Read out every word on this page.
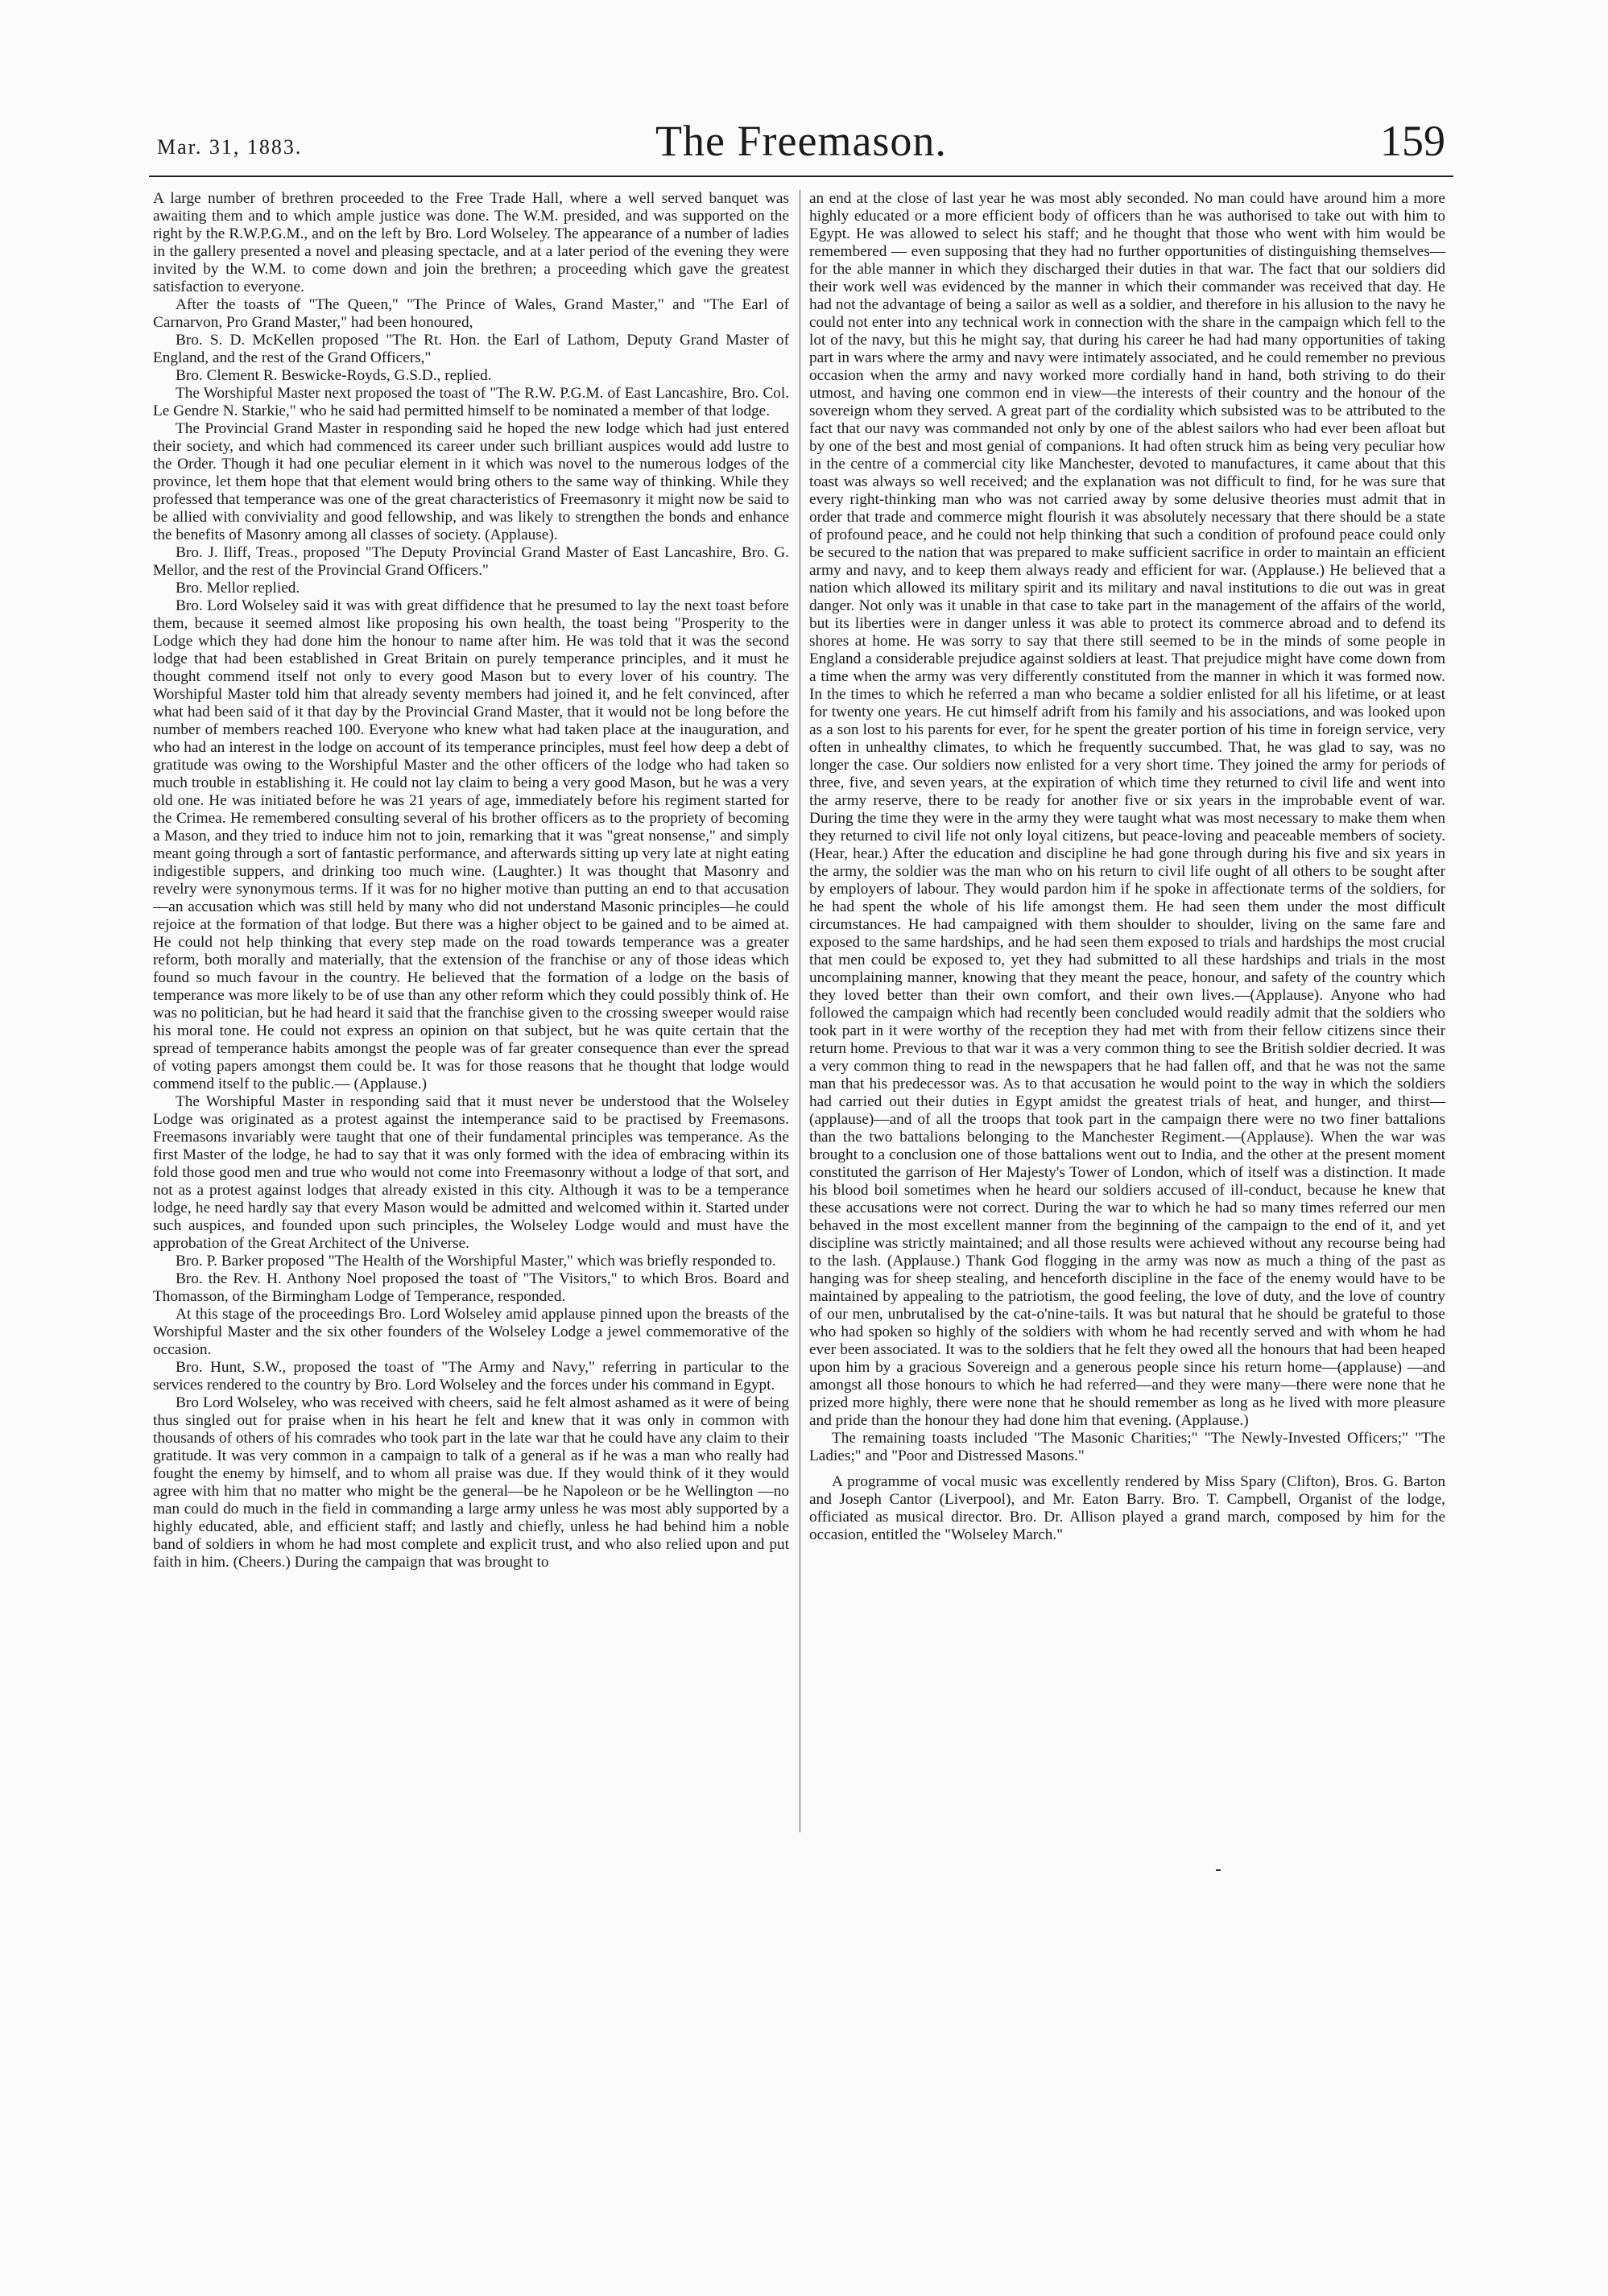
Mar. 31, 1883.	The Freemason.	159

A large number of brethren proceeded to the Free Trade Hall, where a well served banquet was awaiting them and to which ample justice was done. The W.M. presided, and was supported on the right by the R.W.P.G.M., and on the left by Bro. Lord Wolseley. The appearance of a number of ladies in the gallery presented a novel and pleasing spectacle, and at a later period of the evening they were invited by the W.M. to come down and join the brethren; a proceeding which gave the greatest satisfaction to everyone.

After the toasts of "The Queen," "The Prince of Wales, Grand Master," and "The Earl of Carnarvon, Pro Grand Master," had been honoured,

Bro. S. D. McKellen proposed "The Rt. Hon. the Earl of Lathom, Deputy Grand Master of England, and the rest of the Grand Officers,"

Bro. Clement R. Beswicke-Royds, G.S.D., replied.

The Worshipful Master next proposed the toast of "The R.W. P.G.M. of East Lancashire, Bro. Col. Le Gendre N. Starkie," who he said had permitted himself to be nominated a member of that lodge.

The Provincial Grand Master in responding said he hoped the new lodge which had just entered their society, and which had commenced its career under such brilliant auspices would add lustre to the Order. Though it had one peculiar element in it which was novel to the numerous lodges of the province, let them hope that that element would bring others to the same way of thinking. While they professed that temperance was one of the great characteristics of Freemasonry it might now be said to be allied with conviviality and good fellowship, and was likely to strengthen the bonds and enhance the benefits of Masonry among all classes of society. (Applause).

Bro. J. Iliff, Treas., proposed "The Deputy Provincial Grand Master of East Lancashire, Bro. G. Mellor, and the rest of the Provincial Grand Officers."

Bro. Mellor replied.

Bro. Lord Wolseley said it was with great diffidence that he presumed to lay the next toast before them, because it seemed almost like proposing his own health, the toast being "Prosperity to the Lodge which they had done him the honour to name after him. He was told that it was the second lodge that had been established in Great Britain on purely temperance principles, and it must he thought commend itself not only to every good Mason but to every lover of his country. The Worshipful Master told him that already seventy members had joined it, and he felt convinced, after what had been said of it that day by the Provincial Grand Master, that it would not be long before the number of members reached 100. Everyone who knew what had taken place at the inauguration, and who had an interest in the lodge on account of its temperance principles, must feel how deep a debt of gratitude was owing to the Worshipful Master and the other officers of the lodge who had taken so much trouble in establishing it. He could not lay claim to being a very good Mason, but he was a very old one. He was initiated before he was 21 years of age, immediately before his regiment started for the Crimea. He remembered consulting several of his brother officers as to the propriety of becoming a Mason, and they tried to induce him not to join, remarking that it was "great nonsense," and simply meant going through a sort of fantastic performance, and afterwards sitting up very late at night eating indigestible suppers, and drinking too much wine. (Laughter.) It was thought that Masonry and revelry were synonymous terms. If it was for no higher motive than putting an end to that accusation —an accusation which was still held by many who did not understand Masonic principles—he could rejoice at the formation of that lodge. But there was a higher object to be gained and to be aimed at. He could not help thinking that every step made on the road towards temperance was a greater reform, both morally and materially, that the extension of the franchise or any of those ideas which found so much favour in the country. He believed that the formation of a lodge on the basis of temperance was more likely to be of use than any other reform which they could possibly think of. He was no politician, but he had heard it said that the franchise given to the crossing sweeper would raise his moral tone. He could not express an opinion on that subject, but he was quite certain that the spread of temperance habits amongst the people was of far greater consequence than ever the spread of voting papers amongst them could be. It was for those reasons that he thought that lodge would commend itself to the public.— (Applause.)

The Worshipful Master in responding said that it must never be understood that the Wolseley Lodge was originated as a protest against the intemperance said to be practised by Freemasons. Freemasons invariably were taught that one of their fundamental principles was temperance. As the first Master of the lodge, he had to say that it was only formed with the idea of embracing within its fold those good men and true who would not come into Freemasonry without a lodge of that sort, and not as a protest against lodges that already existed in this city. Although it was to be a temperance lodge, he need hardly say that every Mason would be admitted and welcomed within it. Started under such auspices, and founded upon such principles, the Wolseley Lodge would and must have the approbation of the Great Architect of the Universe.

Bro. P. Barker proposed "The Health of the Worshipful Master," which was briefly responded to.

Bro. the Rev. H. Anthony Noel proposed the toast of "The Visitors," to which Bros. Board and Thomasson, of the Birmingham Lodge of Temperance, responded.

At this stage of the proceedings Bro. Lord Wolseley amid applause pinned upon the breasts of the Worshipful Master and the six other founders of the Wolseley Lodge a jewel commemorative of the occasion.

Bro. Hunt, S.W., proposed the toast of "The Army and Navy," referring in particular to the services rendered to the country by Bro. Lord Wolseley and the forces under his command in Egypt.

Bro Lord Wolseley, who was received with cheers, said he felt almost ashamed as it were of being thus singled out for praise when in his heart he felt and knew that it was only in common with thousands of others of his comrades who took part in the late war that he could have any claim to their gratitude. It was very common in a campaign to talk of a general as if he was a man who really had fought the enemy by himself, and to whom all praise was due. If they would think of it they would agree with him that no matter who might be the general—be he Napoleon or be he Wellington —no man could do much in the field in commanding a large army unless he was most ably supported by a highly educated, able, and efficient staff; and lastly and chiefly, unless he had behind him a noble band of soldiers in whom he had most complete and explicit trust, and who also relied upon and put faith in him. (Cheers.) During the campaign that was brought to

an end at the close of last year he was most ably seconded. No man could have around him a more highly educated or a more efficient body of officers than he was authorised to take out with him to Egypt. He was allowed to select his staff; and he thought that those who went with him would be remembered — even supposing that they had no further opportunities of distinguishing themselves—for the able manner in which they discharged their duties in that war. The fact that our soldiers did their work well was evidenced by the manner in which their commander was received that day. He had not the advantage of being a sailor as well as a soldier, and therefore in his allusion to the navy he could not enter into any technical work in connection with the share in the campaign which fell to the lot of the navy, but this he might say, that during his career he had had many opportunities of taking part in wars where the army and navy were intimately associated, and he could remember no previous occasion when the army and navy worked more cordially hand in hand, both striving to do their utmost, and having one common end in view—the interests of their country and the honour of the sovereign whom they served. A great part of the cordiality which subsisted was to be attributed to the fact that our navy was commanded not only by one of the ablest sailors who had ever been afloat but by one of the best and most genial of companions. It had often struck him as being very peculiar how in the centre of a commercial city like Manchester, devoted to manufactures, it came about that this toast was always so well received; and the explanation was not difficult to find, for he was sure that every right-thinking man who was not carried away by some delusive theories must admit that in order that trade and commerce might flourish it was absolutely necessary that there should be a state of profound peace, and he could not help thinking that such a condition of profound peace could only be secured to the nation that was prepared to make sufficient sacrifice in order to maintain an efficient army and navy, and to keep them always ready and efficient for war. (Applause.) He believed that a nation which allowed its military spirit and its military and naval institutions to die out was in great danger. Not only was it unable in that case to take part in the management of the affairs of the world, but its liberties were in danger unless it was able to protect its commerce abroad and to defend its shores at home. He was sorry to say that there still seemed to be in the minds of some people in England a considerable prejudice against soldiers at least. That prejudice might have come down from a time when the army was very differently constituted from the manner in which it was formed now. In the times to which he referred a man who became a soldier enlisted for all his lifetime, or at least for twenty one years. He cut himself adrift from his family and his associations, and was looked upon as a son lost to his parents for ever, for he spent the greater portion of his time in foreign service, very often in unhealthy climates, to which he frequently succumbed. That, he was glad to say, was no longer the case. Our soldiers now enlisted for a very short time. They joined the army for periods of three, five, and seven years, at the expiration of which time they returned to civil life and went into the army reserve, there to be ready for another five or six years in the improbable event of war. During the time they were in the army they were taught what was most necessary to make them when they returned to civil life not only loyal citizens, but peace-loving and peaceable members of society. (Hear, hear.) After the education and discipline he had gone through during his five and six years in the army, the soldier was the man who on his return to civil life ought of all others to be sought after by employers of labour. They would pardon him if he spoke in affectionate terms of the soldiers, for he had spent the whole of his life amongst them. He had seen them under the most difficult circumstances. He had campaigned with them shoulder to shoulder, living on the same fare and exposed to the same hardships, and he had seen them exposed to trials and hardships the most crucial that men could be exposed to, yet they had submitted to all these hardships and trials in the most uncomplaining manner, knowing that they meant the peace, honour, and safety of the country which they loved better than their own comfort, and their own lives.—(Applause). Anyone who had followed the campaign which had recently been concluded would readily admit that the soldiers who took part in it were worthy of the reception they had met with from their fellow citizens since their return home. Previous to that war it was a very common thing to see the British soldier decried. It was a very common thing to read in the newspapers that he had fallen off, and that he was not the same man that his predecessor was. As to that accusation he would point to the way in which the soldiers had carried out their duties in Egypt amidst the greatest trials of heat, and hunger, and thirst—(applause)—and of all the troops that took part in the campaign there were no two finer battalions than the two battalions belonging to the Manchester Regiment.—(Applause). When the war was brought to a conclusion one of those battalions went out to India, and the other at the present moment constituted the garrison of Her Majesty's Tower of London, which of itself was a distinction. It made his blood boil sometimes when he heard our soldiers accused of ill-conduct, because he knew that these accusations were not correct. During the war to which he had so many times referred our men behaved in the most excellent manner from the beginning of the campaign to the end of it, and yet discipline was strictly maintained; and all those results were achieved without any recourse being had to the lash. (Applause.) Thank God flogging in the army was now as much a thing of the past as hanging was for sheep stealing, and henceforth discipline in the face of the enemy would have to be maintained by appealing to the patriotism, the good feeling, the love of duty, and the love of country of our men, unbrutalised by the cat-o'nine-tails. It was but natural that he should be grateful to those who had spoken so highly of the soldiers with whom he had recently served and with whom he had ever been associated. It was to the soldiers that he felt they owed all the honours that had been heaped upon him by a gracious Sovereign and a generous people since his return home—(applause) —and amongst all those honours to which he had referred—and they were many—there were none that he prized more highly, there were none that he should remember as long as he lived with more pleasure and pride than the honour they had done him that evening. (Applause.)

The remaining toasts included "The Masonic Charities;" "The Newly-Invested Officers;" "The Ladies;" and "Poor and Distressed Masons."

A programme of vocal music was excellently rendered by Miss Spary (Clifton), Bros. G. Barton and Joseph Cantor (Liverpool), and Mr. Eaton Barry. Bro. T. Campbell, Organist of the lodge, officiated as musical director. Bro. Dr. Allison played a grand march, composed by him for the occasion, entitled the "Wolseley March."
